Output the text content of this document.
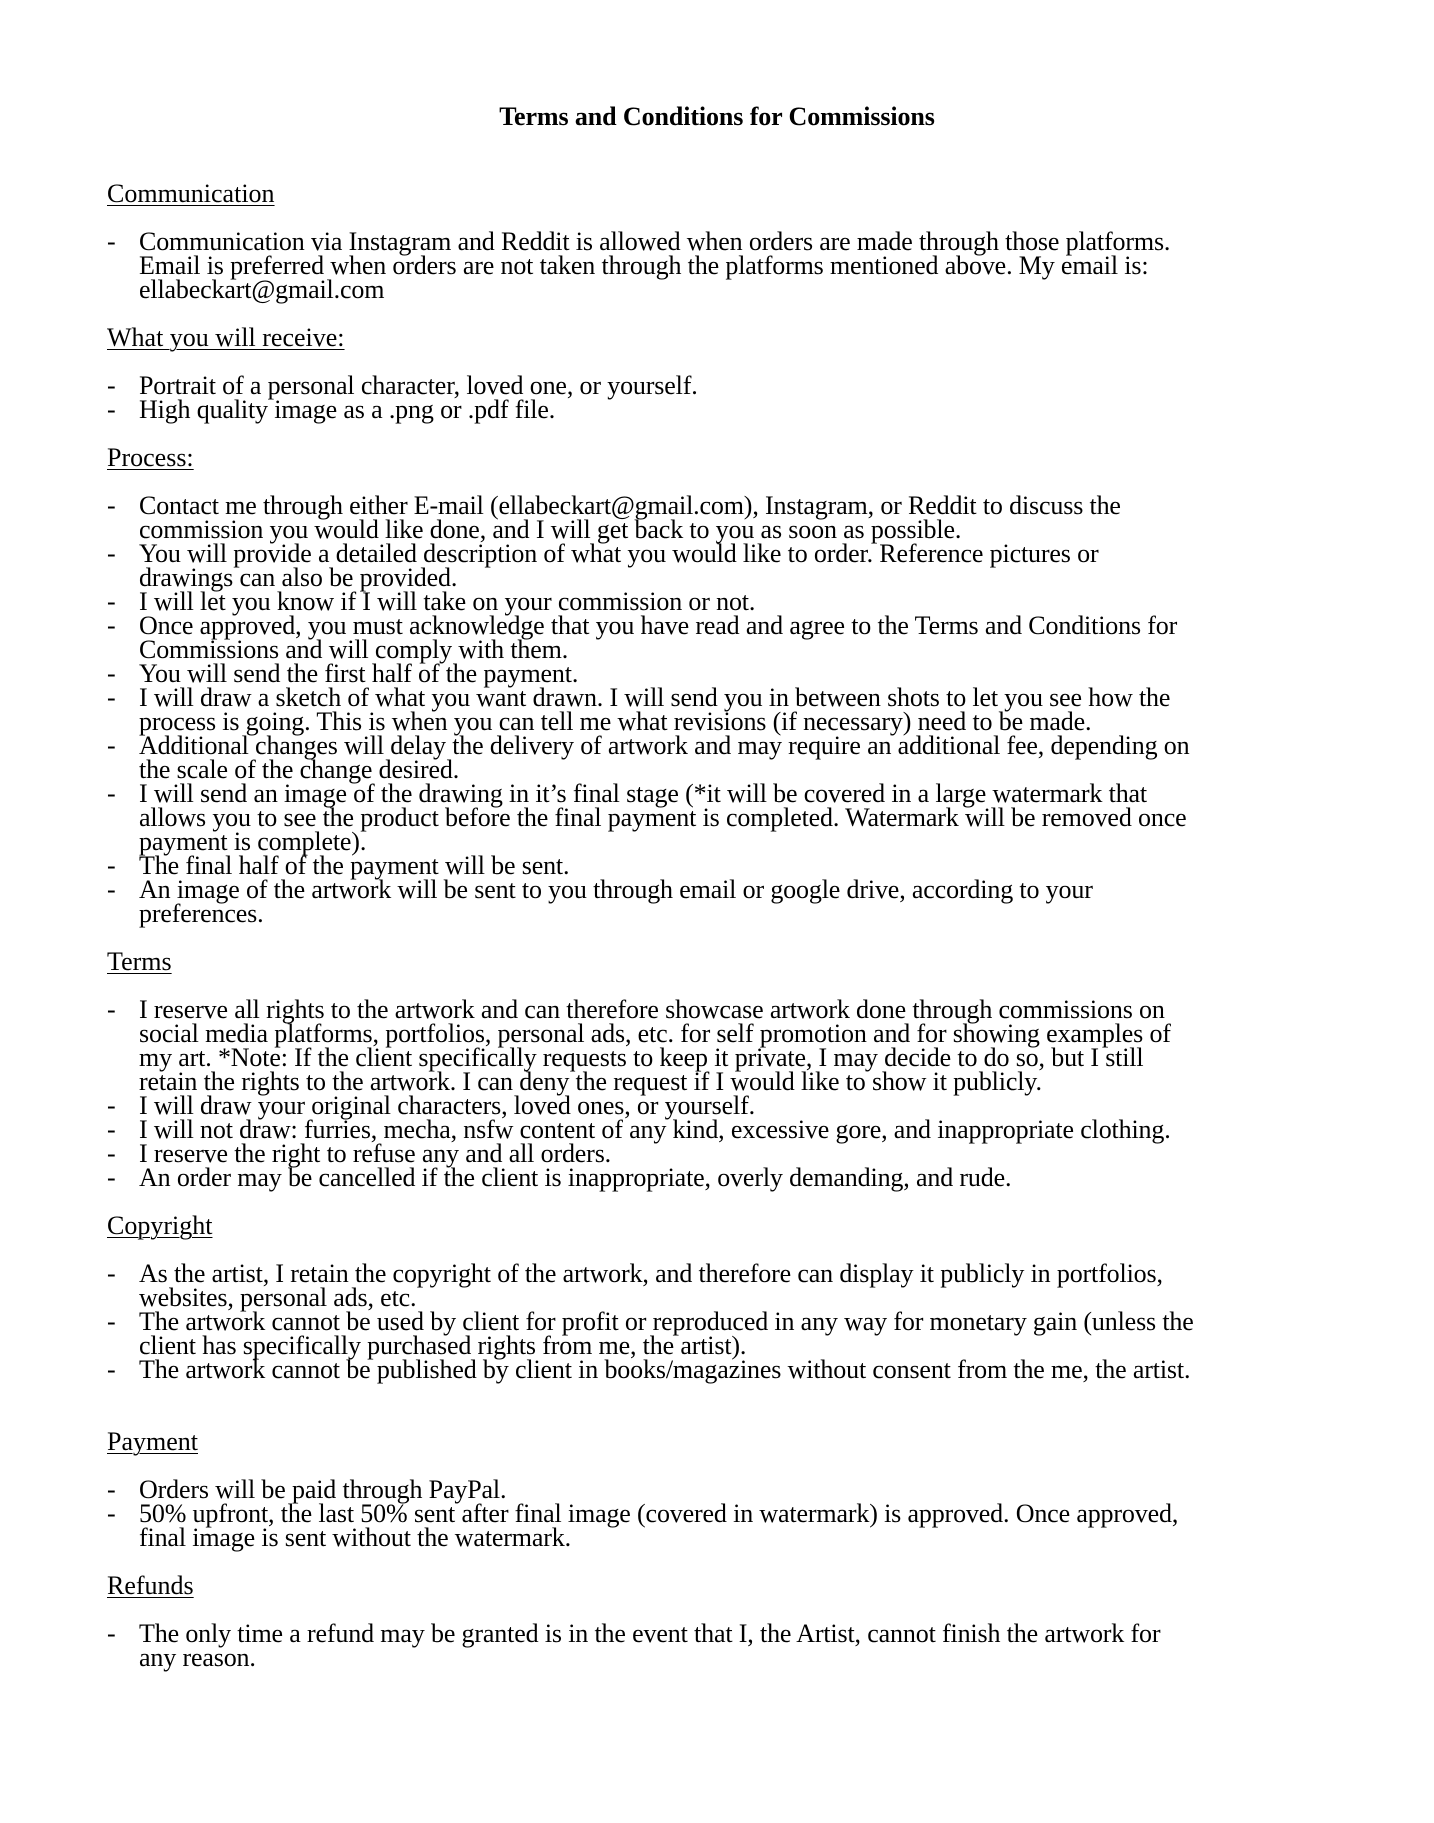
Terms and Conditions for Commissions
Communication

- Communication via Instagram and Reddit is allowed when orders are made through those platforms.
Email is preferred when orders are not taken through the platforms mentioned above. My email is:
ellabeckart@gmail.com
What you will receive:

- Portrait of a personal character, loved one, or yourself.
- High quality image as a .png or .pdf file.
Process:

- Contact me through either E-mail (ellabeckart@gmail.com), Instagram, or Reddit to discuss the
commission you would like done, and I will get back to you as soon as possible.
- You will provide a detailed description of what you would like to order. Reference pictures or
drawings can also be provided.
- I will let you know if I will take on your commission or not.
- Once approved, you must acknowledge that you have read and agree to the Terms and Conditions for
Commissions and will comply with them.
- You will send the first half of the payment.
- I will draw a sketch of what you want drawn. I will send you in between shots to let you see how the
process is going. This is when you can tell me what revisions (if necessary) need to be made.
- Additional changes will delay the delivery of artwork and may require an additional fee, depending on
the scale of the change desired.
- I will send an image of the drawing in it’s final stage (*it will be covered in a large watermark that
allows you to see the product before the final payment is completed. Watermark will be removed once
payment is complete).
- The final half of the payment will be sent.
- An image of the artwork will be sent to you through email or google drive, according to your
preferences.
Terms

- I reserve all rights to the artwork and can therefore showcase artwork done through commissions on
social media platforms, portfolios, personal ads, etc. for self promotion and for showing examples of
my art. *Note: If the client specifically requests to keep it private, I may decide to do so, but I still
retain the rights to the artwork. I can deny the request if I would like to show it publicly.
- I will draw your original characters, loved ones, or yourself.
- I will not draw: furries, mecha, nsfw content of any kind, excessive gore, and inappropriate clothing.
- I reserve the right to refuse any and all orders.
- An order may be cancelled if the client is inappropriate, overly demanding, and rude.
Copyright

- As the artist, I retain the copyright of the artwork, and therefore can display it publicly in portfolios,
websites, personal ads, etc.
- The artwork cannot be used by client for profit or reproduced in any way for monetary gain (unless the
client has specifically purchased rights from me, the artist).
- The artwork cannot be published by client in books/magazines without consent from the me, the artist.
Payment

- Orders will be paid through PayPal.
- 50% upfront, the last 50% sent after final image (covered in watermark) is approved. Once approved,
final image is sent without the watermark.
Refunds

- The only time a refund may be granted is in the event that I, the Artist, cannot finish the artwork for
any reason.
